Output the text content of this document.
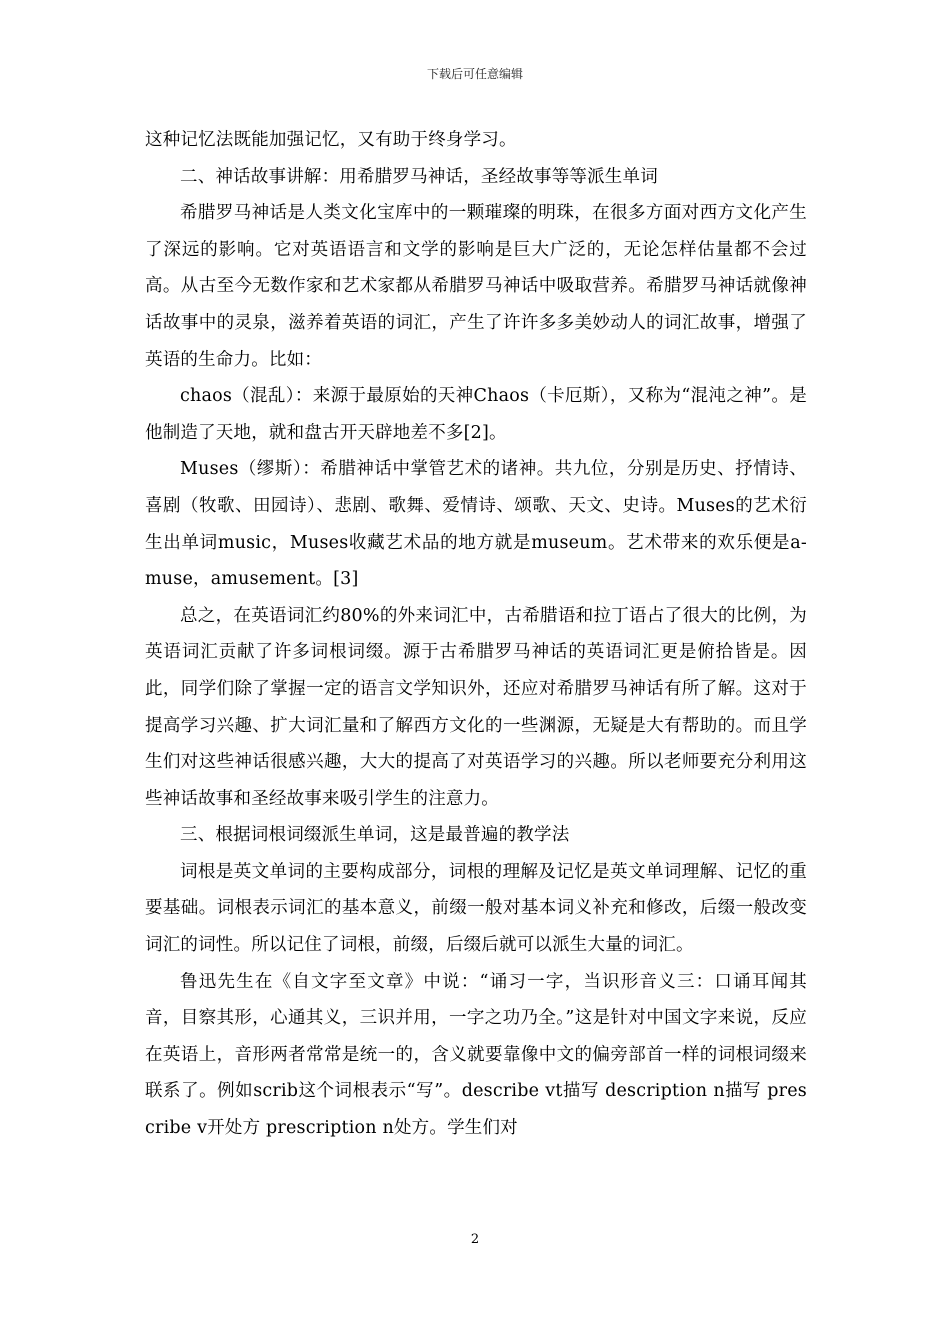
下载后可任意编辑

这种记忆法既能加强记忆，又有助于终身学习。

二、神话故事讲解：用希腊罗马神话，圣经故事等等派生单词

希腊罗马神话是人类文化宝库中的一颗璀璨的明珠，在很多方面对西方文化产生了深远的影响。它对英语语言和文学的影响是巨大广泛的，无论怎样估量都不会过高。从古至今无数作家和艺术家都从希腊罗马神话中吸取营养。希腊罗马神话就像神话故事中的灵泉，滋养着英语的词汇，产生了许许多多美妙动人的词汇故事，增强了英语的生命力。比如：

chaos（混乱）：来源于最原始的天神Chaos（卡厄斯），又称为“混沌之神”。是他制造了天地，就和盘古开天辟地差不多[2]。

Muses（缪斯）：希腊神话中掌管艺术的诸神。共九位，分别是历史、抒情诗、喜剧（牧歌、田园诗）、悲剧、歌舞、爱情诗、颂歌、天文、史诗。Muses的艺术衍生出单词music，Muses收藏艺术品的地方就是museum。艺术带来的欢乐便是a-muse，amusement。[3]

总之，在英语词汇约80%的外来词汇中，古希腊语和拉丁语占了很大的比例，为英语词汇贡献了许多词根词缀。源于古希腊罗马神话的英语词汇更是俯拾皆是。因此，同学们除了掌握一定的语言文学知识外，还应对希腊罗马神话有所了解。这对于提高学习兴趣、扩大词汇量和了解西方文化的一些渊源，无疑是大有帮助的。而且学生们对这些神话很感兴趣，大大的提高了对英语学习的兴趣。所以老师要充分利用这些神话故事和圣经故事来吸引学生的注意力。

三、根据词根词缀派生单词，这是最普遍的教学法

词根是英文单词的主要构成部分，词根的理解及记忆是英文单词理解、记忆的重要基础。词根表示词汇的基本意义，前缀一般对基本词义补充和修改，后缀一般改变词汇的词性。所以记住了词根，前缀，后缀后就可以派生大量的词汇。

鲁迅先生在《自文字至文章》中说：“诵习一字，当识形音义三：口诵耳闻其音，目察其形，心通其义，三识并用，一字之功乃全。”这是针对中国文字来说，反应在英语上，音形两者常常是统一的，含义就要靠像中文的偏旁部首一样的词根词缀来联系了。例如scrib这个词根表示“写”。describe vt描写 description n描写 prescribe v开处方 prescription n处方。学生们对

2
